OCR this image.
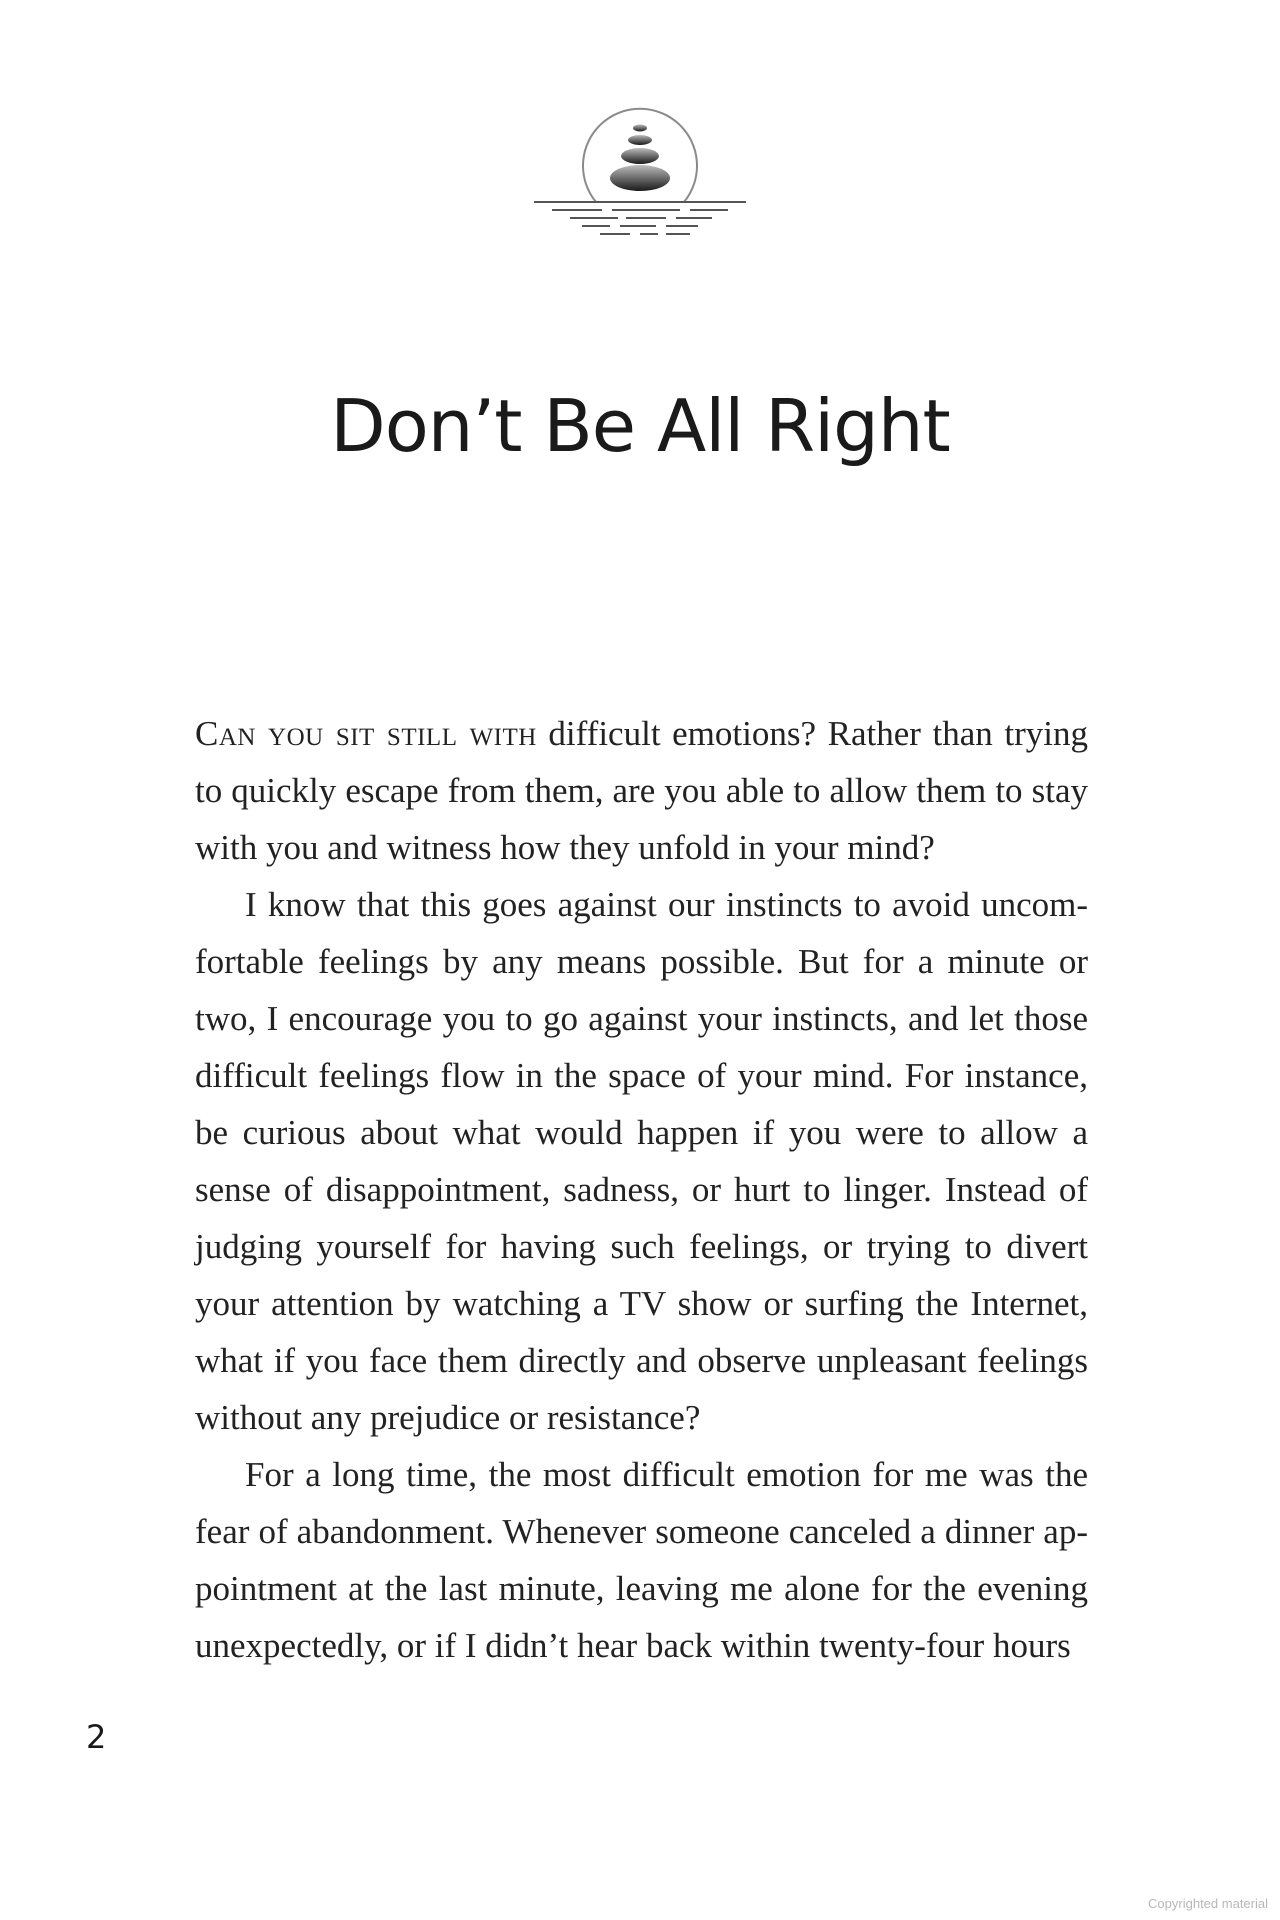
Don’t Be All Right

Can you sit still with difficult emotions? Rather than trying to quickly escape from them, are you able to allow them to stay with you and witness how they unfold in your mind?

I know that this goes against our instincts to avoid uncomfortable feelings by any means possible. But for a minute or two, I encourage you to go against your instincts, and let those difficult feelings flow in the space of your mind. For instance, be curious about what would happen if you were to allow a sense of disappointment, sadness, or hurt to linger. Instead of judging yourself for having such feelings, or trying to divert your attention by watching a TV show or surfing the Internet, what if you face them directly and observe unpleasant feelings without any prejudice or resistance?

For a long time, the most difficult emotion for me was the fear of abandonment. Whenever someone canceled a dinner appointment at the last minute, leaving me alone for the evening unexpectedly, or if I didn’t hear back within twenty-four hours

2
Copyrighted material
